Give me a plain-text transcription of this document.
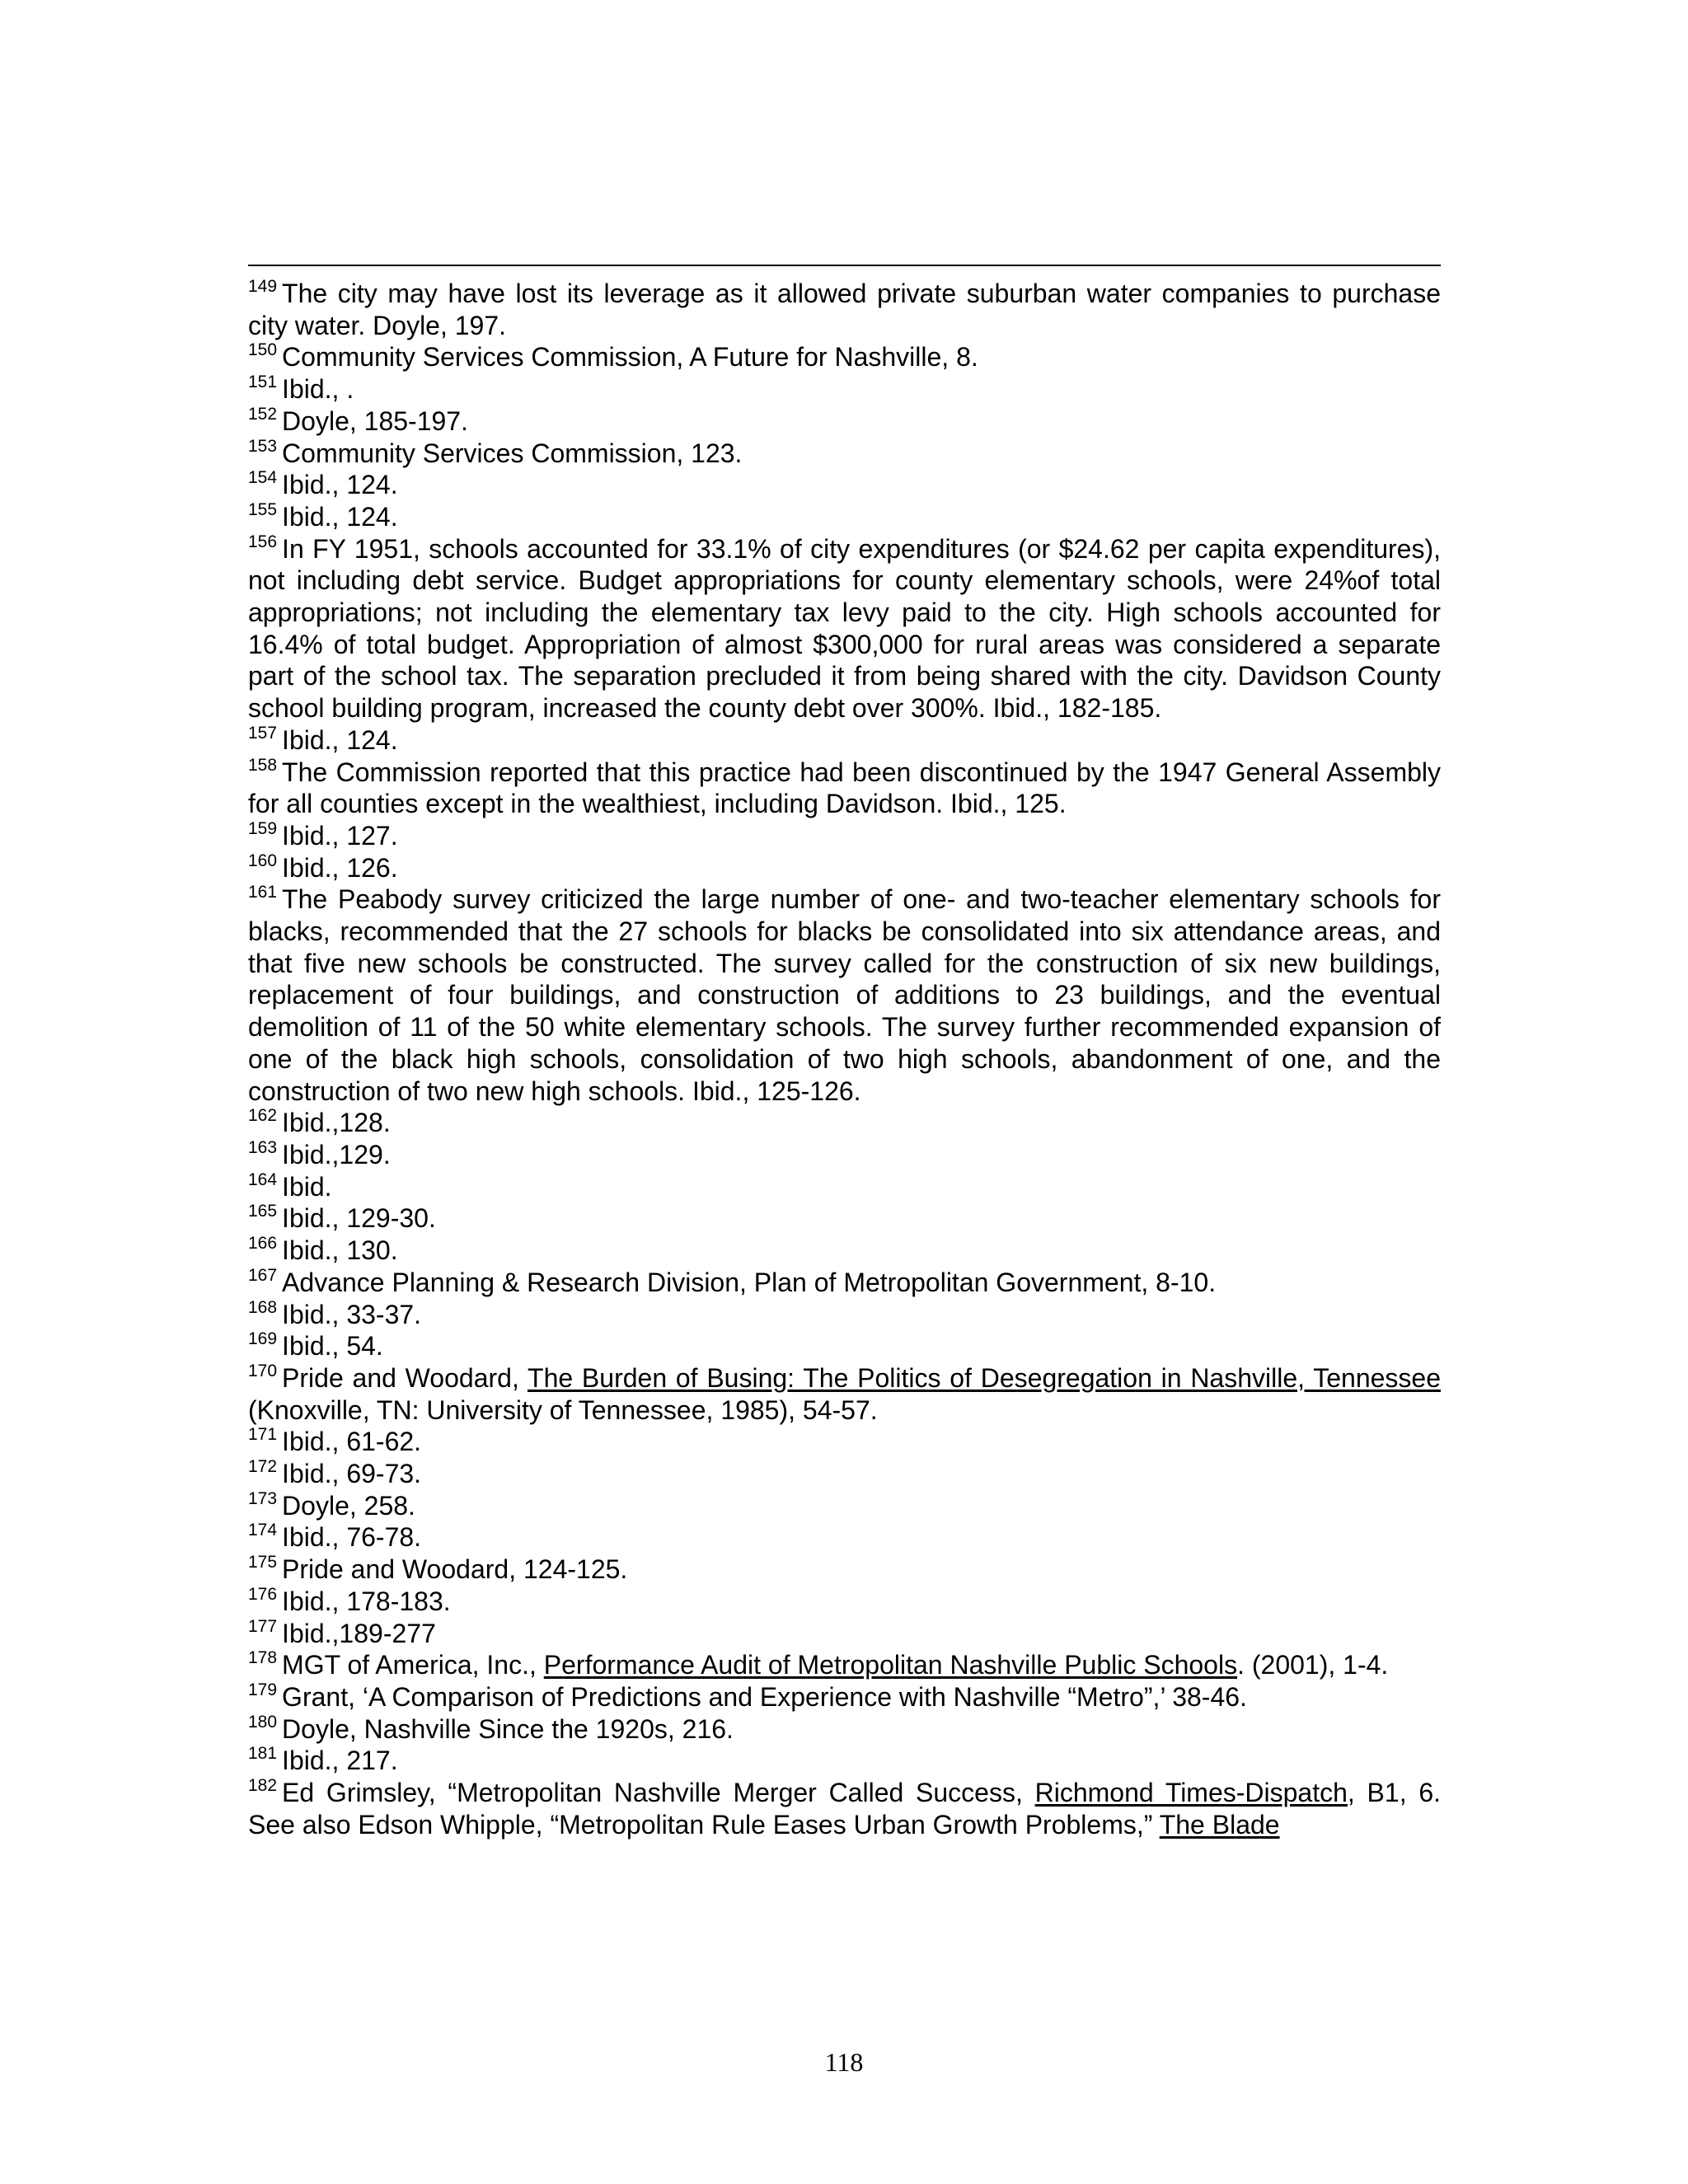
$^{149}$ The city may have lost its leverage as it allowed private suburban water companies to purchase city water. Doyle, 197.

$^{150}$ Community Services Commission, A Future for Nashville, 8.

$^{151}$ Ibid., .

$^{152}$ Doyle, 185-197.

$^{153}$ Community Services Commission, 123.

$^{154}$ Ibid., 124.

$^{155}$ Ibid., 124.

$^{156}$ In FY 1951, schools accounted for 33.1% of city expenditures (or $24.62 per capita expenditures), not including debt service. Budget appropriations for county elementary schools, were 24%of total appropriations; not including the elementary tax levy paid to the city. High schools accounted for 16.4% of total budget. Appropriation of almost $300,000 for rural areas was considered a separate part of the school tax. The separation precluded it from being shared with the city. Davidson County school building program, increased the county debt over 300%. Ibid., 182-185.

$^{157}$ Ibid., 124.

$^{158}$ The Commission reported that this practice had been discontinued by the 1947 General Assembly for all counties except in the wealthiest, including Davidson. Ibid., 125.

$^{159}$ Ibid., 127.

$^{160}$ Ibid., 126.

$^{161}$ The Peabody survey criticized the large number of one- and two-teacher elementary schools for blacks, recommended that the 27 schools for blacks be consolidated into six attendance areas, and that five new schools be constructed. The survey called for the construction of six new buildings, replacement of four buildings, and construction of additions to 23 buildings, and the eventual demolition of 11 of the 50 white elementary schools. The survey further recommended expansion of one of the black high schools, consolidation of two high schools, abandonment of one, and the construction of two new high schools. Ibid., 125-126.

$^{162}$ Ibid.,128.

$^{163}$ Ibid.,129.

$^{164}$ Ibid.

$^{165}$ Ibid., 129-30.

$^{166}$ Ibid., 130.

$^{167}$ Advance Planning & Research Division, Plan of Metropolitan Government, 8-10.

$^{168}$ Ibid., 33-37.

$^{169}$ Ibid., 54.

$^{170}$ Pride and Woodard, The Burden of Busing: The Politics of Desegregation in Nashville, Tennessee (Knoxville, TN: University of Tennessee, 1985), 54-57.

$^{171}$ Ibid., 61-62.

$^{172}$ Ibid., 69-73.

$^{173}$ Doyle, 258.

$^{174}$ Ibid., 76-78.

$^{175}$ Pride and Woodard, 124-125.

$^{176}$ Ibid., 178-183.

$^{177}$ Ibid.,189-277

$^{178}$ MGT of America, Inc., Performance Audit of Metropolitan Nashville Public Schools. (2001), 1-4.

$^{179}$ Grant, ‘A Comparison of Predictions and Experience with Nashville “Metro”,’ 38-46.

$^{180}$ Doyle, Nashville Since the 1920s, 216.

$^{181}$ Ibid., 217.

$^{182}$ Ed Grimsley, “Metropolitan Nashville Merger Called Success, Richmond Times-Dispatch, B1, 6. See also Edson Whipple, “Metropolitan Rule Eases Urban Growth Problems,” The Blade

118
